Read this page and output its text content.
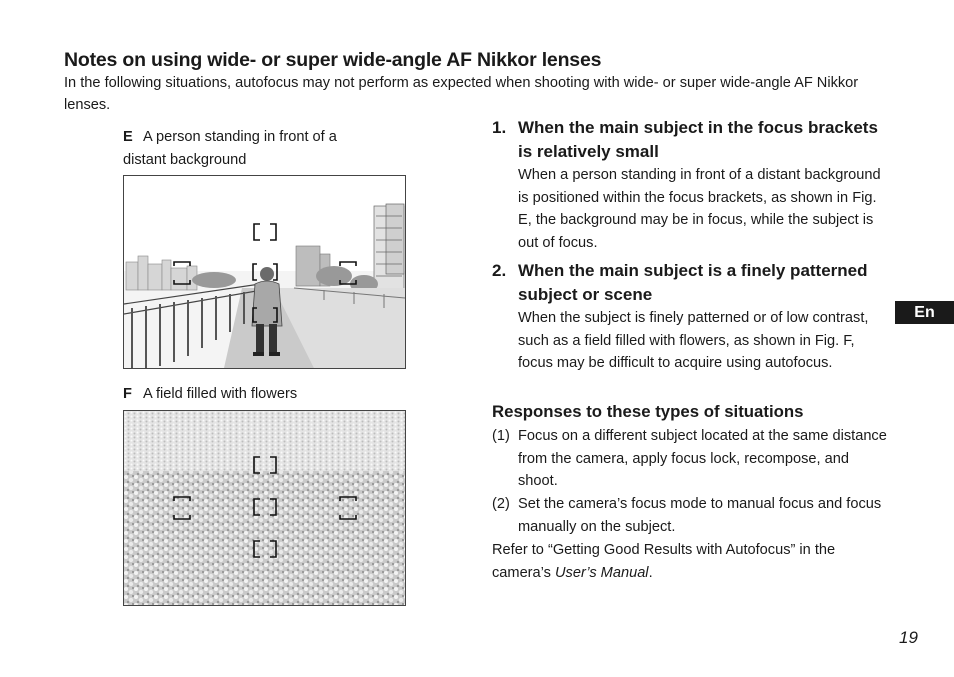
Notes on using wide- or super wide-angle AF Nikkor lenses
In the following situations, autofocus may not perform as expected when shooting with wide- or super wide-angle AF Nikkor lenses.
E A person standing in front of a distant background
F A field filled with flowers
1. When the main subject in the focus brackets is relatively small
When a person standing in front of a distant background is positioned within the focus brackets, as shown in Fig. E, the background may be in focus, while the subject is out of focus.
2. When the main subject is a finely patterned subject or scene
When the subject is finely patterned or of low contrast, such as a field filled with flowers, as shown in Fig. F, focus may be difficult to acquire using autofocus.
Responses to these types of situations
(1) Focus on a different subject located at the same distance from the camera, apply focus lock, recompose, and shoot.
(2) Set the camera’s focus mode to manual focus and focus manually on the subject.
Refer to “Getting Good Results with Autofocus” in the camera’s User’s Manual.
En
19
